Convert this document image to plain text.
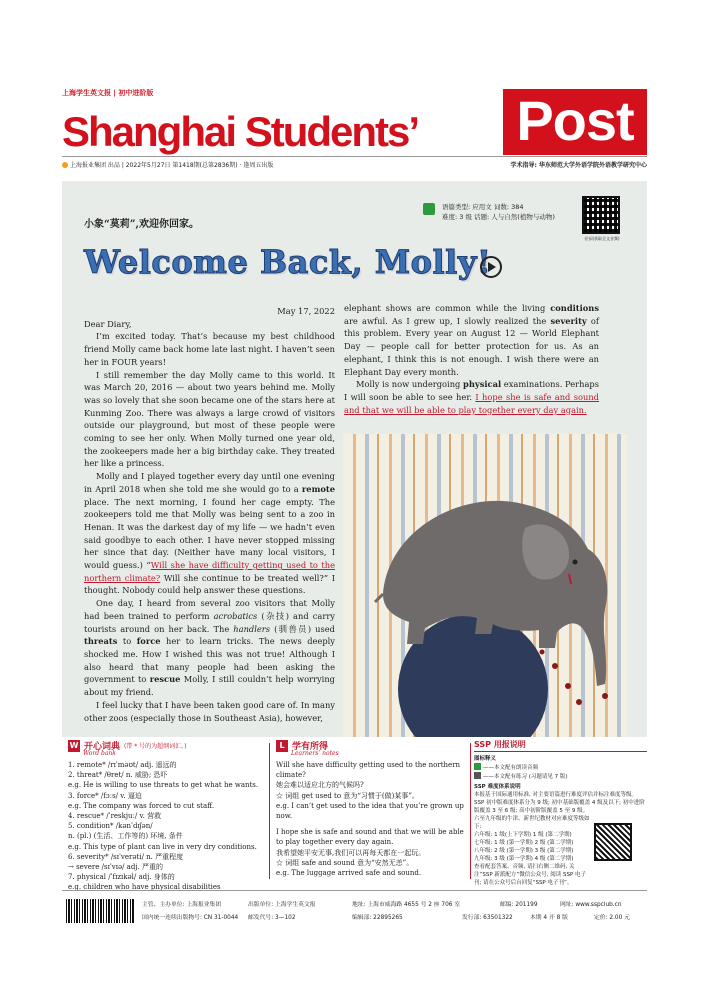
上海学生英文报 | 初中进阶版
Shanghai Students’ Post
上海报业集团 出品 | 2022年5月27日 第1418期(总第2836期) · 逢周五出版	学术指导: 华东师范大学外语学院外语教学研究中心
小象“莫莉”,欢迎你回家。
语篇类型: 应用文 词数: 384
难度: 3 级 话题: 人与自然(植物与动物)
(扫码获取全文音频)
Welcome Back, Molly!

May 17, 2022

Dear Diary,

I’m excited today. That’s because my best childhood friend Molly came back home late last night. I haven’t seen her in FOUR years!

I still remember the day Molly came to this world. It was March 20, 2016 — about two years behind me. Molly was so lovely that she soon became one of the stars here at Kunming Zoo. There was always a large crowd of visitors outside our playground, but most of these people were coming to see her only. When Molly turned one year old, the zookeepers made her a big birthday cake. They treated her like a princess.

Molly and I played together every day until one evening in April 2018 when she told me she would go to a remote place. The next morning, I found her cage empty. The zookeepers told me that Molly was being sent to a zoo in Henan. It was the darkest day of my life — we hadn’t even said goodbye to each other. I have never stopped missing her since that day. (Neither have many local visitors, I would guess.) “Will she have difficulty getting used to the northern climate? Will she continue to be treated well?” I thought. Nobody could help answer these questions.

One day, I heard from several zoo visitors that Molly had been trained to perform acrobatics (杂技) and carry tourists around on her back. The handlers (驯兽员) used threats to force her to learn tricks. The news deeply shocked me. How I wished this was not true! Although I also heard that many people had been asking the government to rescue Molly, I still couldn’t help worrying about my friend.

I feel lucky that I have been taken good care of. In many other zoos (especially those in Southeast Asia), however,

elephant shows are common while the living conditions are awful. As I grew up, I slowly realized the severity of this problem. Every year on August 12 — World Elephant Day — people call for better protection for us. As an elephant, I think this is not enough. I wish there were an Elephant Day every month.

Molly is now undergoing physical examinations. Perhaps I will soon be able to see her. I hope she is safe and sound and that we will be able to play together every day again.

W 开心词典 (带 * 号的为超纲词汇。)
Word bank
1. remote* /rɪˈməʊt/ adj. 遥远的
2. threat* /θret/ n. 威胁; 恐吓
e.g. He is willing to use threats to get what he wants.
3. force* /fɔːs/ v. 逼迫
e.g. The company was forced to cut staff.
4. rescue* /ˈreskjuː/ v. 营救
5. condition* /kənˈdɪʃən/
n. (pl.) (生活、工作等的) 环境, 条件
e.g. This type of plant can live in very dry conditions.
6. severity* /sɪˈverəti/ n. 严重程度
→ severe /sɪˈvɪə/ adj. 严重的
7. physical /ˈfɪzɪkəl/ adj. 身体的
e.g. children who have physical disabilities
L 学有所得
Learners’ notes
Will she have difficulty getting used to the northern climate?
她会难以适应北方的气候吗?
☆ 词组 get used to 意为“习惯于(做)某事”。
e.g. I can’t get used to the idea that you’re grown up now.
I hope she is safe and sound and that we will be able to play together every day again.
我希望她平安无事,我们可以再每天都在一起玩。
☆ 词组 safe and sound 意为“安然无恙”。
e.g. The luggage arrived safe and sound.
SSP 用报说明
图标释义
——本文配有朗读音频
——本文配有练习 (习题请见 7 版)
SSP 难度体系说明
本报基于国际通用标准, 对主要语篇进行难度评估并标注难度等级。SSP 初中版难度体系分为 9 级; 初中基础版覆盖 4 级及以下; 初中进阶版覆盖 3 至 6 级; 高中初阶版覆盖 5 至 9 级。
六至九年级的牛津、新世纪教材对应难度等级如下:
六年级: 1 级(上下学期) 1 级 (第二学期)
七年级: 1 级 (第一学期) 2 级 (第二学期)
八年级: 2 级 (第一学期) 3 级 (第二学期)
九年级: 3 级 (第一学期) 4 级 (第二学期)
查看配套答案、音频, 请扫右侧二维码, 关注“SSP 新派配方”微信公众号, 阅读 SSP 电子刊; 请在公众号后台回复“SSP 电子刊”。
主管、主办单位: 上海报业集团	出版单位: 上海学生英文报	地址: 上海市威海路 4655 号 2 座 706 室	邮编: 201199	网址: www.sspclub.cn
国内统一连续出版物号: CN 31-0044 邮发代号: 3—102	编辑部: 22895265	发行部: 63501322	本期 4 开 8 版	定价: 2.00 元
